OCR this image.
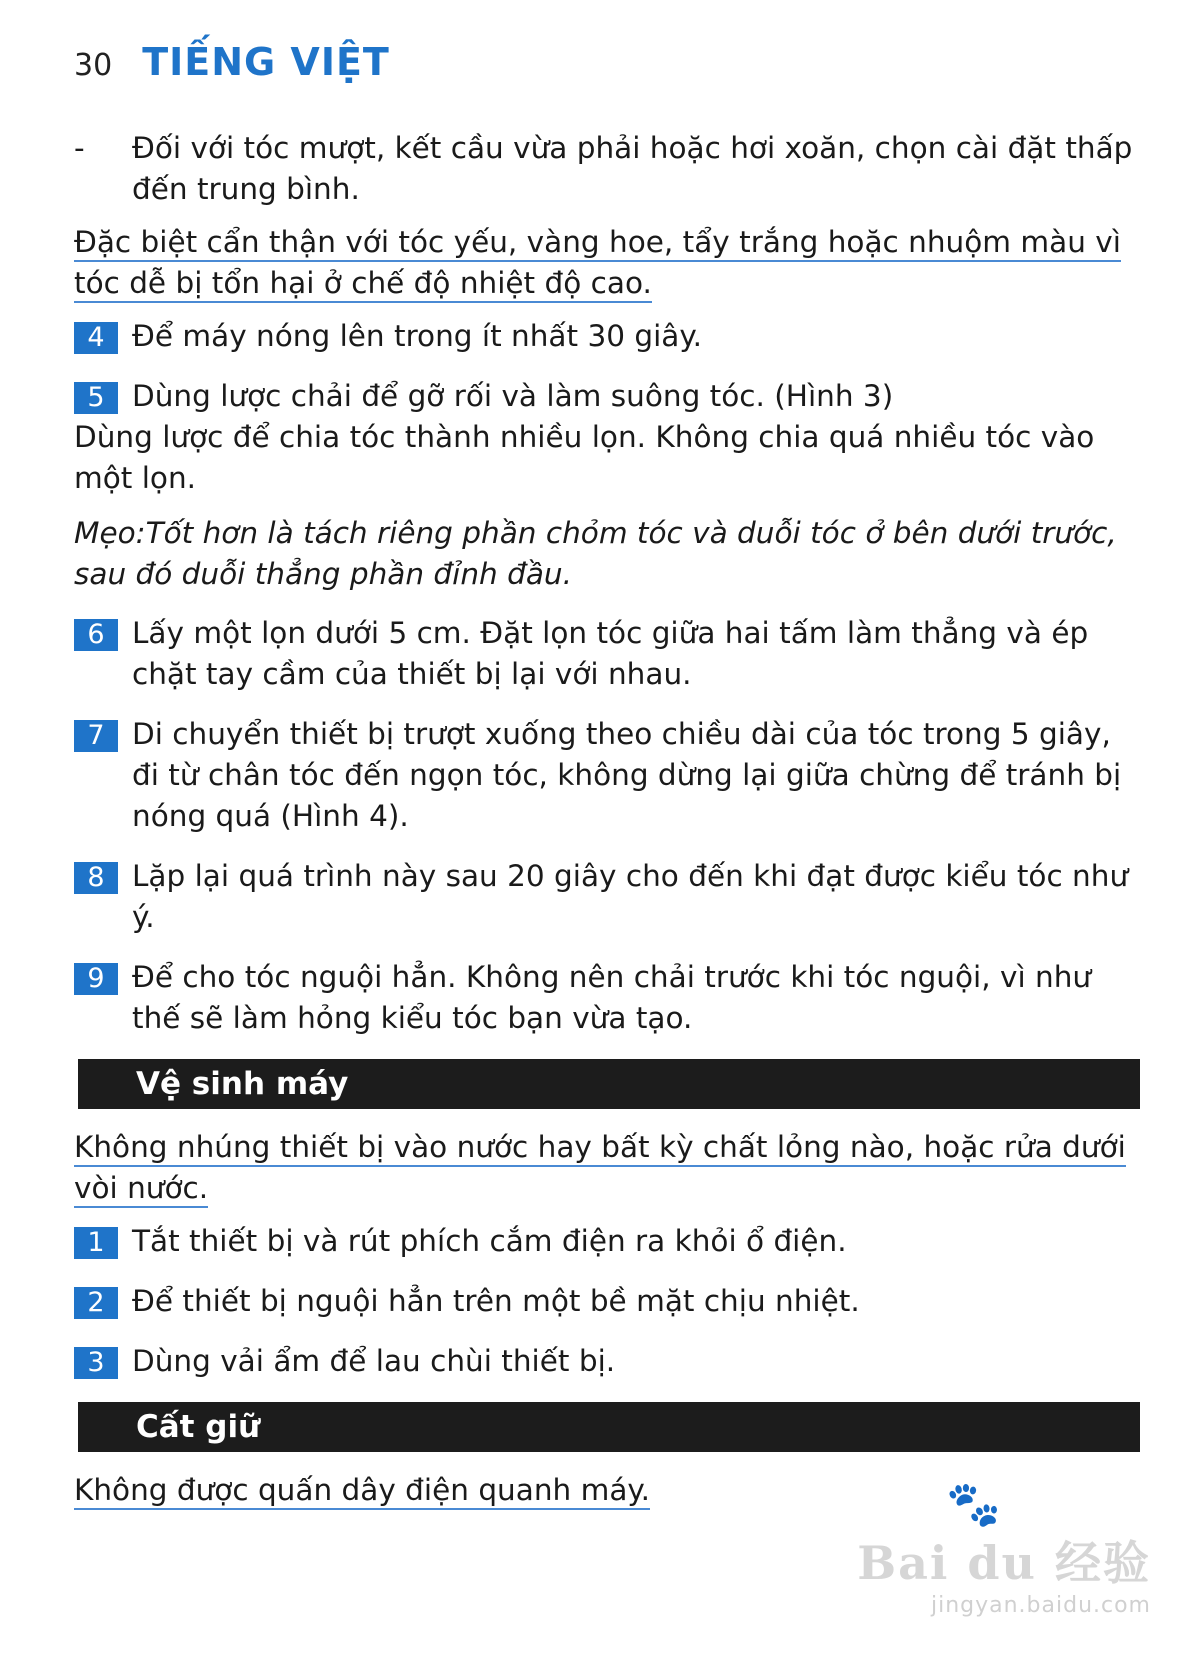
30 TIẾNG VIỆT
- Đối với tóc mượt, kết cầu vừa phải hoặc hơi xoăn, chọn cài đặt thấp đến trung bình.
Đặc biệt cẩn thận với tóc yếu, vàng hoe, tẩy trắng hoặc nhuộm màu vì tóc dễ bị tổn hại ở chế độ nhiệt độ cao.
4 Để máy nóng lên trong ít nhất 30 giây.
5 Dùng lược chải để gỡ rối và làm suông tóc. (Hình 3)
Dùng lược để chia tóc thành nhiều lọn. Không chia quá nhiều tóc vào một lọn.
Mẹo:Tốt hơn là tách riêng phần chỏm tóc và duỗi tóc ở bên dưới trước, sau đó duỗi thẳng phần đỉnh đầu.
6 Lấy một lọn dưới 5 cm. Đặt lọn tóc giữa hai tấm làm thẳng và ép chặt tay cầm của thiết bị lại với nhau.
7 Di chuyển thiết bị trượt xuống theo chiều dài của tóc trong 5 giây, đi từ chân tóc đến ngọn tóc, không dừng lại giữa chừng để tránh bị nóng quá (Hình 4).
8 Lặp lại quá trình này sau 20 giây cho đến khi đạt được kiểu tóc như ý.
9 Để cho tóc nguội hẳn. Không nên chải trước khi tóc nguội, vì như thế sẽ làm hỏng kiểu tóc bạn vừa tạo.
Vệ sinh máy
Không nhúng thiết bị vào nước hay bất kỳ chất lỏng nào, hoặc rửa dưới vòi nước.
1 Tắt thiết bị và rút phích cắm điện ra khỏi ổ điện.
2 Để thiết bị nguội hẳn trên một bề mặt chịu nhiệt.
3 Dùng vải ẩm để lau chùi thiết bị.
Cất giữ
Không được quấn dây điện quanh máy.	🐾
Bai du 经验
jingyan.baidu.com
